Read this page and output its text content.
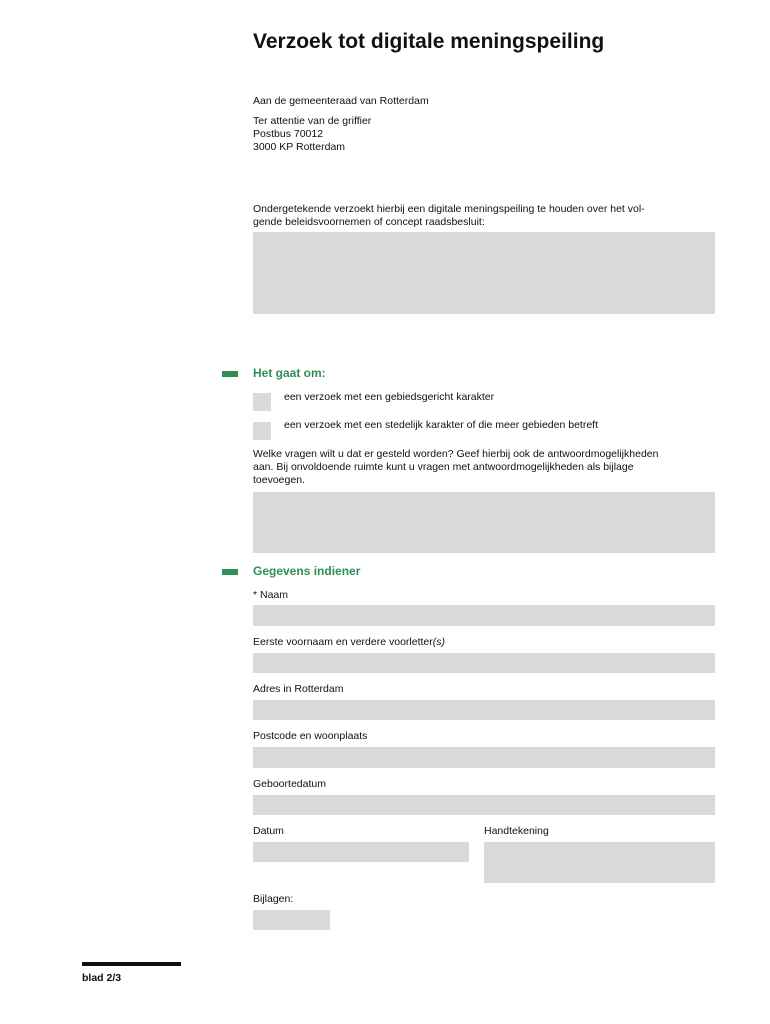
Verzoek tot digitale meningspeiling
Aan de gemeenteraad van Rotterdam
Ter attentie van de griffier
Postbus 70012
3000 KP Rotterdam
Ondergetekende verzoekt hierbij een digitale meningspeiling te houden over het vol-
gende beleidsvoornemen of concept raadsbesluit:
Het gaat om:
een verzoek met een gebiedsgericht karakter
een verzoek met een stedelijk karakter of die meer gebieden betreft
Welke vragen wilt u dat er gesteld worden? Geef hierbij ook de antwoordmogelijkheden
aan. Bij onvoldoende ruimte kunt u vragen met antwoordmogelijkheden als bijlage
toevoegen.
Gegevens indiener
* Naam
Eerste voornaam en verdere voorletter(s)
Adres in Rotterdam
Postcode en woonplaats
Geboortedatum
Datum	Handtekening
Bijlagen:
blad 2/3
